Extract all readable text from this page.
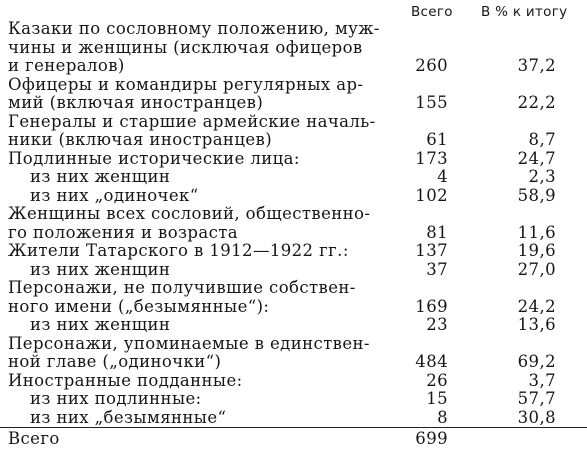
Всего	В % к итогу
Казаки по сословному положению, муж-
чины и женщины (исключая офицеров
и генералов)	260	37,2
Офицеры и командиры регулярных ар-
мий (включая иностранцев)	155	22,2
Генералы и старшие армейские началь-
ники (включая иностранцев)	61	8,7
Подлинные исторические лица:	173	24,7
из них женщин	4	2,3
из них „одиночек“	102	58,9
Женщины всех сословий, общественно-
го положения и возраста	81	11,6
Жители Татарского в 1912—1922 гг.:	137	19,6
из них женщин	37	27,0
Персонажи, не получившие собствен-
ного имени („безымянные“):	169	24,2
из них женщин	23	13,6
Персонажи, упоминаемые в единствен-
ной главе („одиночки“)	484	69,2
Иностранные подданные:	26	3,7
из них подлинные:	15	57,7
из них „безымянные“	8	30,8
Всего	699
